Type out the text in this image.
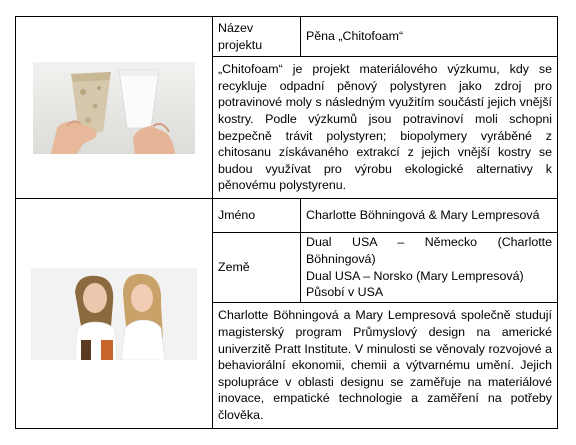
	Název projektu	Pěna „Chitofoam“
	„Chitofoam“ je projekt materiálového výzkumu, kdy se recykluje odpadní pěnový polystyren jako zdroj pro potravinové moly s následným využitím součástí jejich vnější kostry. Podle výzkumů jsou potravinoví moli schopni bezpečně trávit polystyren; biopolymery vyráběné z chitosanu získávaného extrakcí z jejich vnější kostry se budou využívat pro výrobu ekologické alternativy k pěnovému polystyrenu.	

	Jméno	Charlotte Böhningová & Mary Lempresová
	Země	Dual USA – Německo (Charlotte Böhningová)
Dual USA – Norsko (Mary Lempresová)
Působí v USA

	Charlotte Böhningová a Mary Lempresová společně studují magisterský program Průmyslový design na americké univerzitě Pratt Institute. V minulosti se věnovaly rozvojové a behaviorální ekonomii, chemii a výtvarnému umění. Jejich spolupráce v oblasti designu se zaměřuje na materiálové inovace, empatické technologie a zaměření na potřeby člověka.	
